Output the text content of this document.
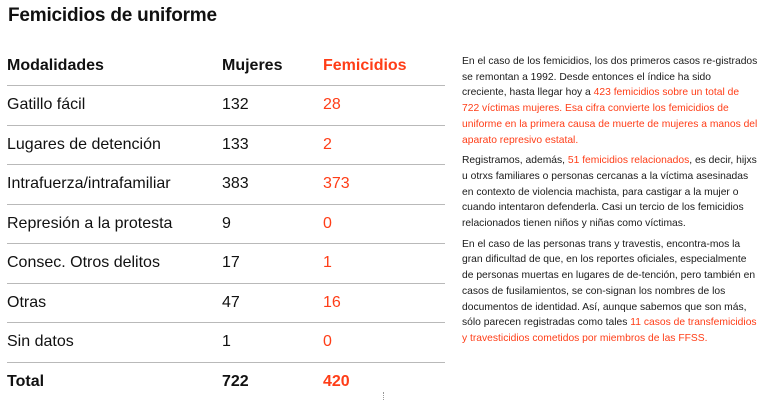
Femicidios de uniforme
Modalidades	Mujeres	Femicidios
Gatillo fácil	132	28
Lugares de detención	133	2
Intrafuerza/intrafamiliar	383	373
Represión a la protesta	9	0
Consec. Otros delitos	17	1
Otras	47	16
Sin datos	1	0
Total	722	420

En el caso de los femicidios, los dos primeros casos re-gistrados se remontan a 1992. Desde entonces el índice ha sido creciente, hasta llegar hoy a 423 femicidios sobre un total de 722 víctimas mujeres. Esa cifra convierte los femicidios de uniforme en la primera causa de muerte de mujeres a manos del aparato represivo estatal.

Registramos, además, 51 femicidios relacionados, es decir, hijxs u otrxs familiares o personas cercanas a la víctima asesinadas en contexto de violencia machista, para castigar a la mujer o cuando intentaron defenderla. Casi un tercio de los femicidios relacionados tienen niños y niñas como víctimas.

En el caso de las personas trans y travestis, encontra-mos la gran dificultad de que, en los reportes oficiales, especialmente de personas muertas en lugares de de-tención, pero también en casos de fusilamientos, se con-signan los nombres de los documentos de identidad. Así, aunque sabemos que son más, sólo parecen registradas como tales 11 casos de transfemicidios y travesticidios cometidos por miembros de las FFSS.
